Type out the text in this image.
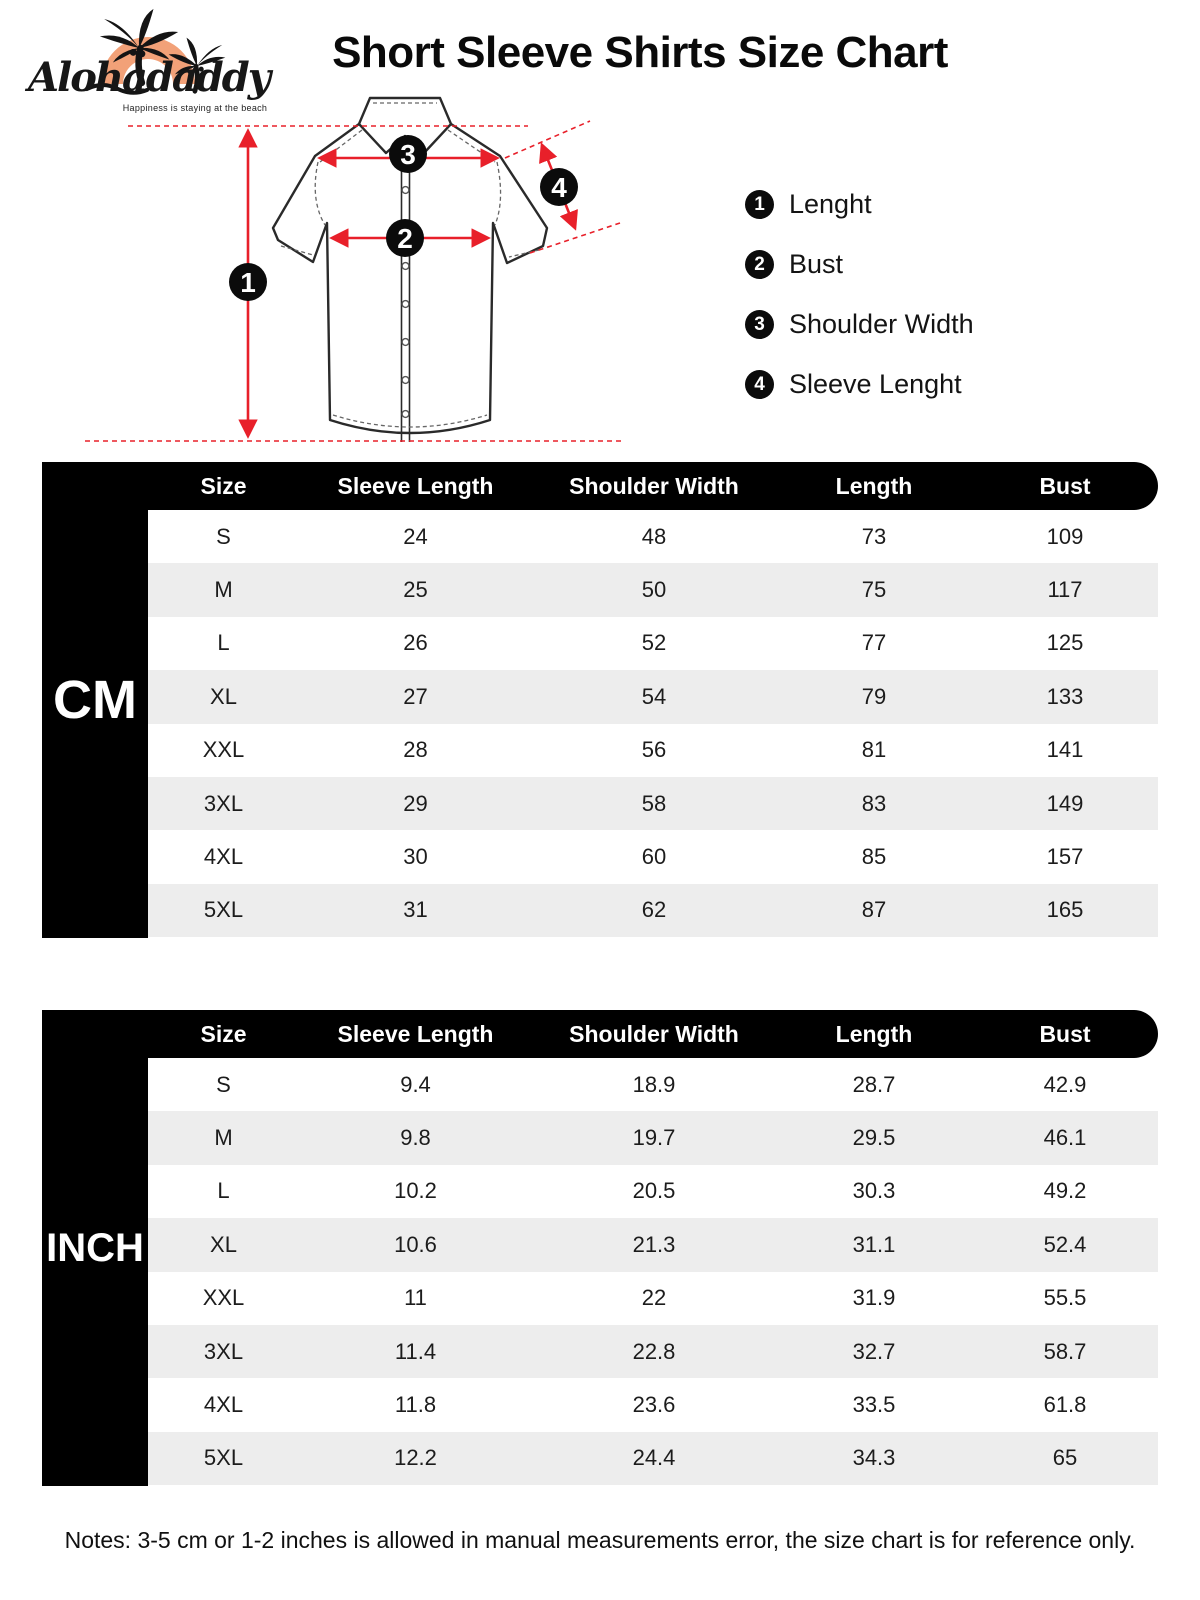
Alohadaddy
Happiness is staying at the beach
Short Sleeve Shirts Size Chart
1
2
3
4
1 Lenght
2 Bust
3 Shoulder Width
4 Sleeve Lenght
CM
Size	Sleeve Length	Shoulder Width	Length	Bust
S	24	48	73	109
M	25	50	75	117
L	26	52	77	125
XL	27	54	79	133
XXL	28	56	81	141
3XL	29	58	83	149
4XL	30	60	85	157
5XL	31	62	87	165
INCH
Size	Sleeve Length	Shoulder Width	Length	Bust
S	9.4	18.9	28.7	42.9
M	9.8	19.7	29.5	46.1
L	10.2	20.5	30.3	49.2
XL	10.6	21.3	31.1	52.4
XXL	11	22	31.9	55.5
3XL	11.4	22.8	32.7	58.7
4XL	11.8	23.6	33.5	61.8
5XL	12.2	24.4	34.3	65

Notes: 3-5 cm or 1-2 inches is allowed in manual measurements error, the size chart is for reference only.
